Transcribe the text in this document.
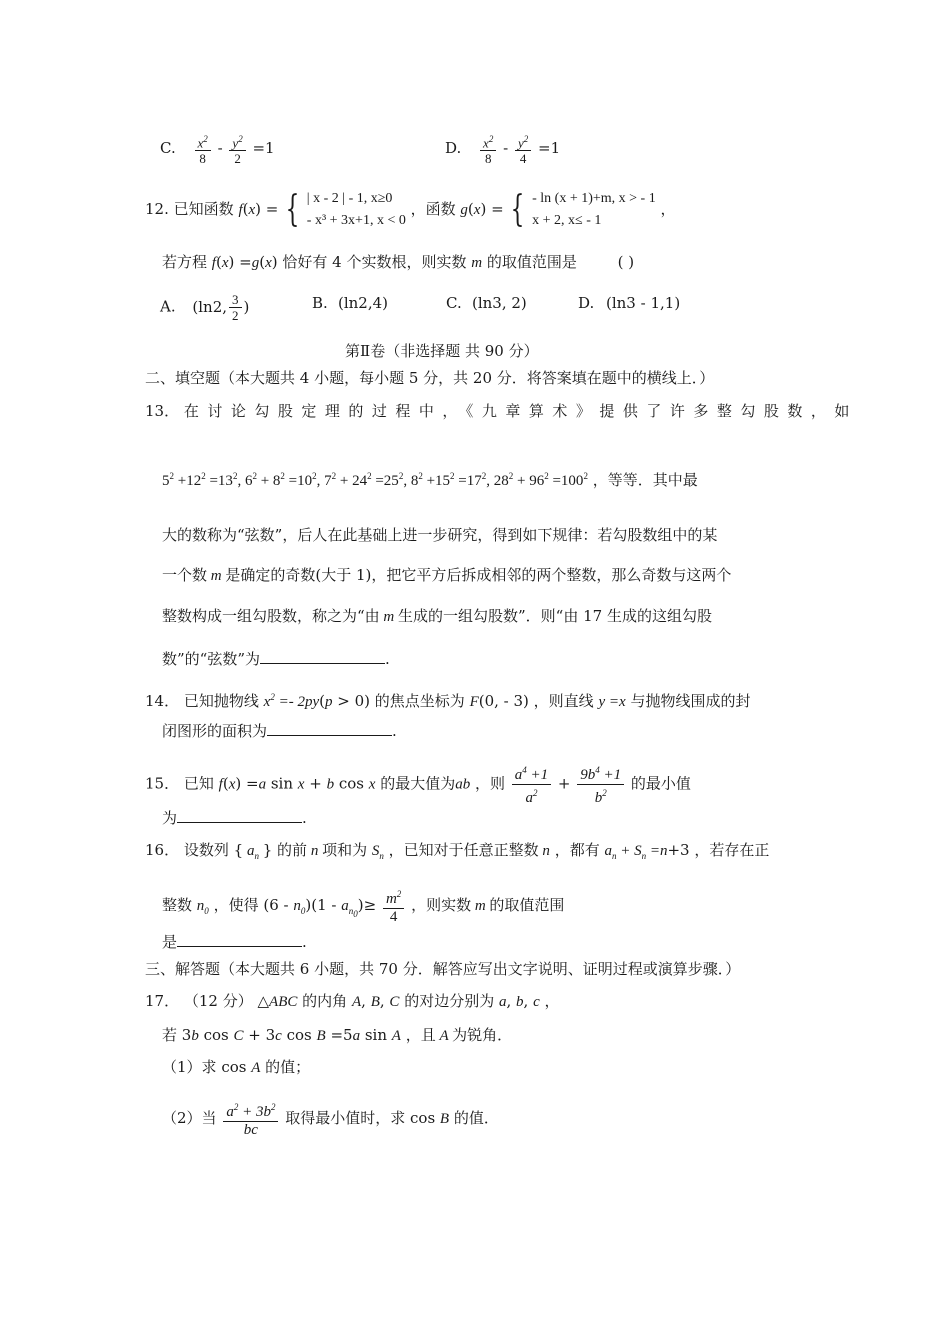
C. $\frac{x^2}{8} - \frac{y^2}{2} =1$	D. $\frac{x^2}{8} - \frac{y^2}{4} =1$
12. 已知函数 f(x) = { | x - 2 | - 1, x≥0
- x³ + 3x+1, x < 0
，函数 g(x) = { - ln (x + 1)+m, x > - 1
x + 2, x≤ - 1
，
若方程 f(x) =g(x) 恰好有 4 个实数根，则实数 m 的取值范围是	( )
A. (ln2, $\frac{3}{2}$ )	B. (ln2,4)	C. (ln3, 2)	D. (ln3 - 1,1)
第Ⅱ卷（非选择题 共 90 分）
二、填空题（本大题共 4 小题，每小题 5 分，共 20 分．将答案填在题中的横线上．）
13． 在讨论勾股定理的过程中，《九章算术》提供了许多整勾股数，如
$5^2 +12^2 =13^2$, $6^2 + 8^2 =10^2$, $7^2 + 24^2 =25^2$, $8^2 +15^2 =17^2$, $28^2 + 96^2 =100^2$ ，等等．其中最
大的数称为“弦数”，后人在此基础上进一步研究，得到如下规律：若勾股数组中的某
一个数 m 是确定的奇数(大于 1)，把它平方后拆成相邻的两个整数，那么奇数与这两个
整数构成一组勾股数，称之为“由 m 生成的一组勾股数”．则“由 17 生成的这组勾股
数”的“弦数”为	.
14． 已知抛物线 $x^2 =- 2py(p > 0)$ 的焦点坐标为 F(0, - 3) ，则直线 y =x 与抛物线围成的封
闭图形的面积为	.
15． 已知 f(x) =a sin x + b cos x 的最大值为ab ，则 $\frac{a^4 +1}{a^2} + \frac{9b^4 +1}{b^2}$ 的最小值
为	.
16． 设数列 { $a_n$ } 的前 n 项和为 $S_n$ ，已知对于任意正整数 n ，都有 $a_n + S_n =n+3$ ，若存在正
整数 $n_0$ ，使得 $(6 - n_0)(1 - a_{n_0})\ge \frac{m^2}{4}$ ，则实数 m 的取值范围
是	.
三、解答题（本大题共 6 小题，共 70 分．解答应写出文字说明、证明过程或演算步骤．）
17． （12 分） △ABC 的内角 A, B, C 的对边分别为 a, b, c ，
若 3b cos C + 3c cos B =5a sin A ，且 A 为锐角．
（1）求 cos A 的值；
（2）当 $\frac{a^2 + 3b^2}{bc}$ 取得最小值时，求 cos B 的值．
